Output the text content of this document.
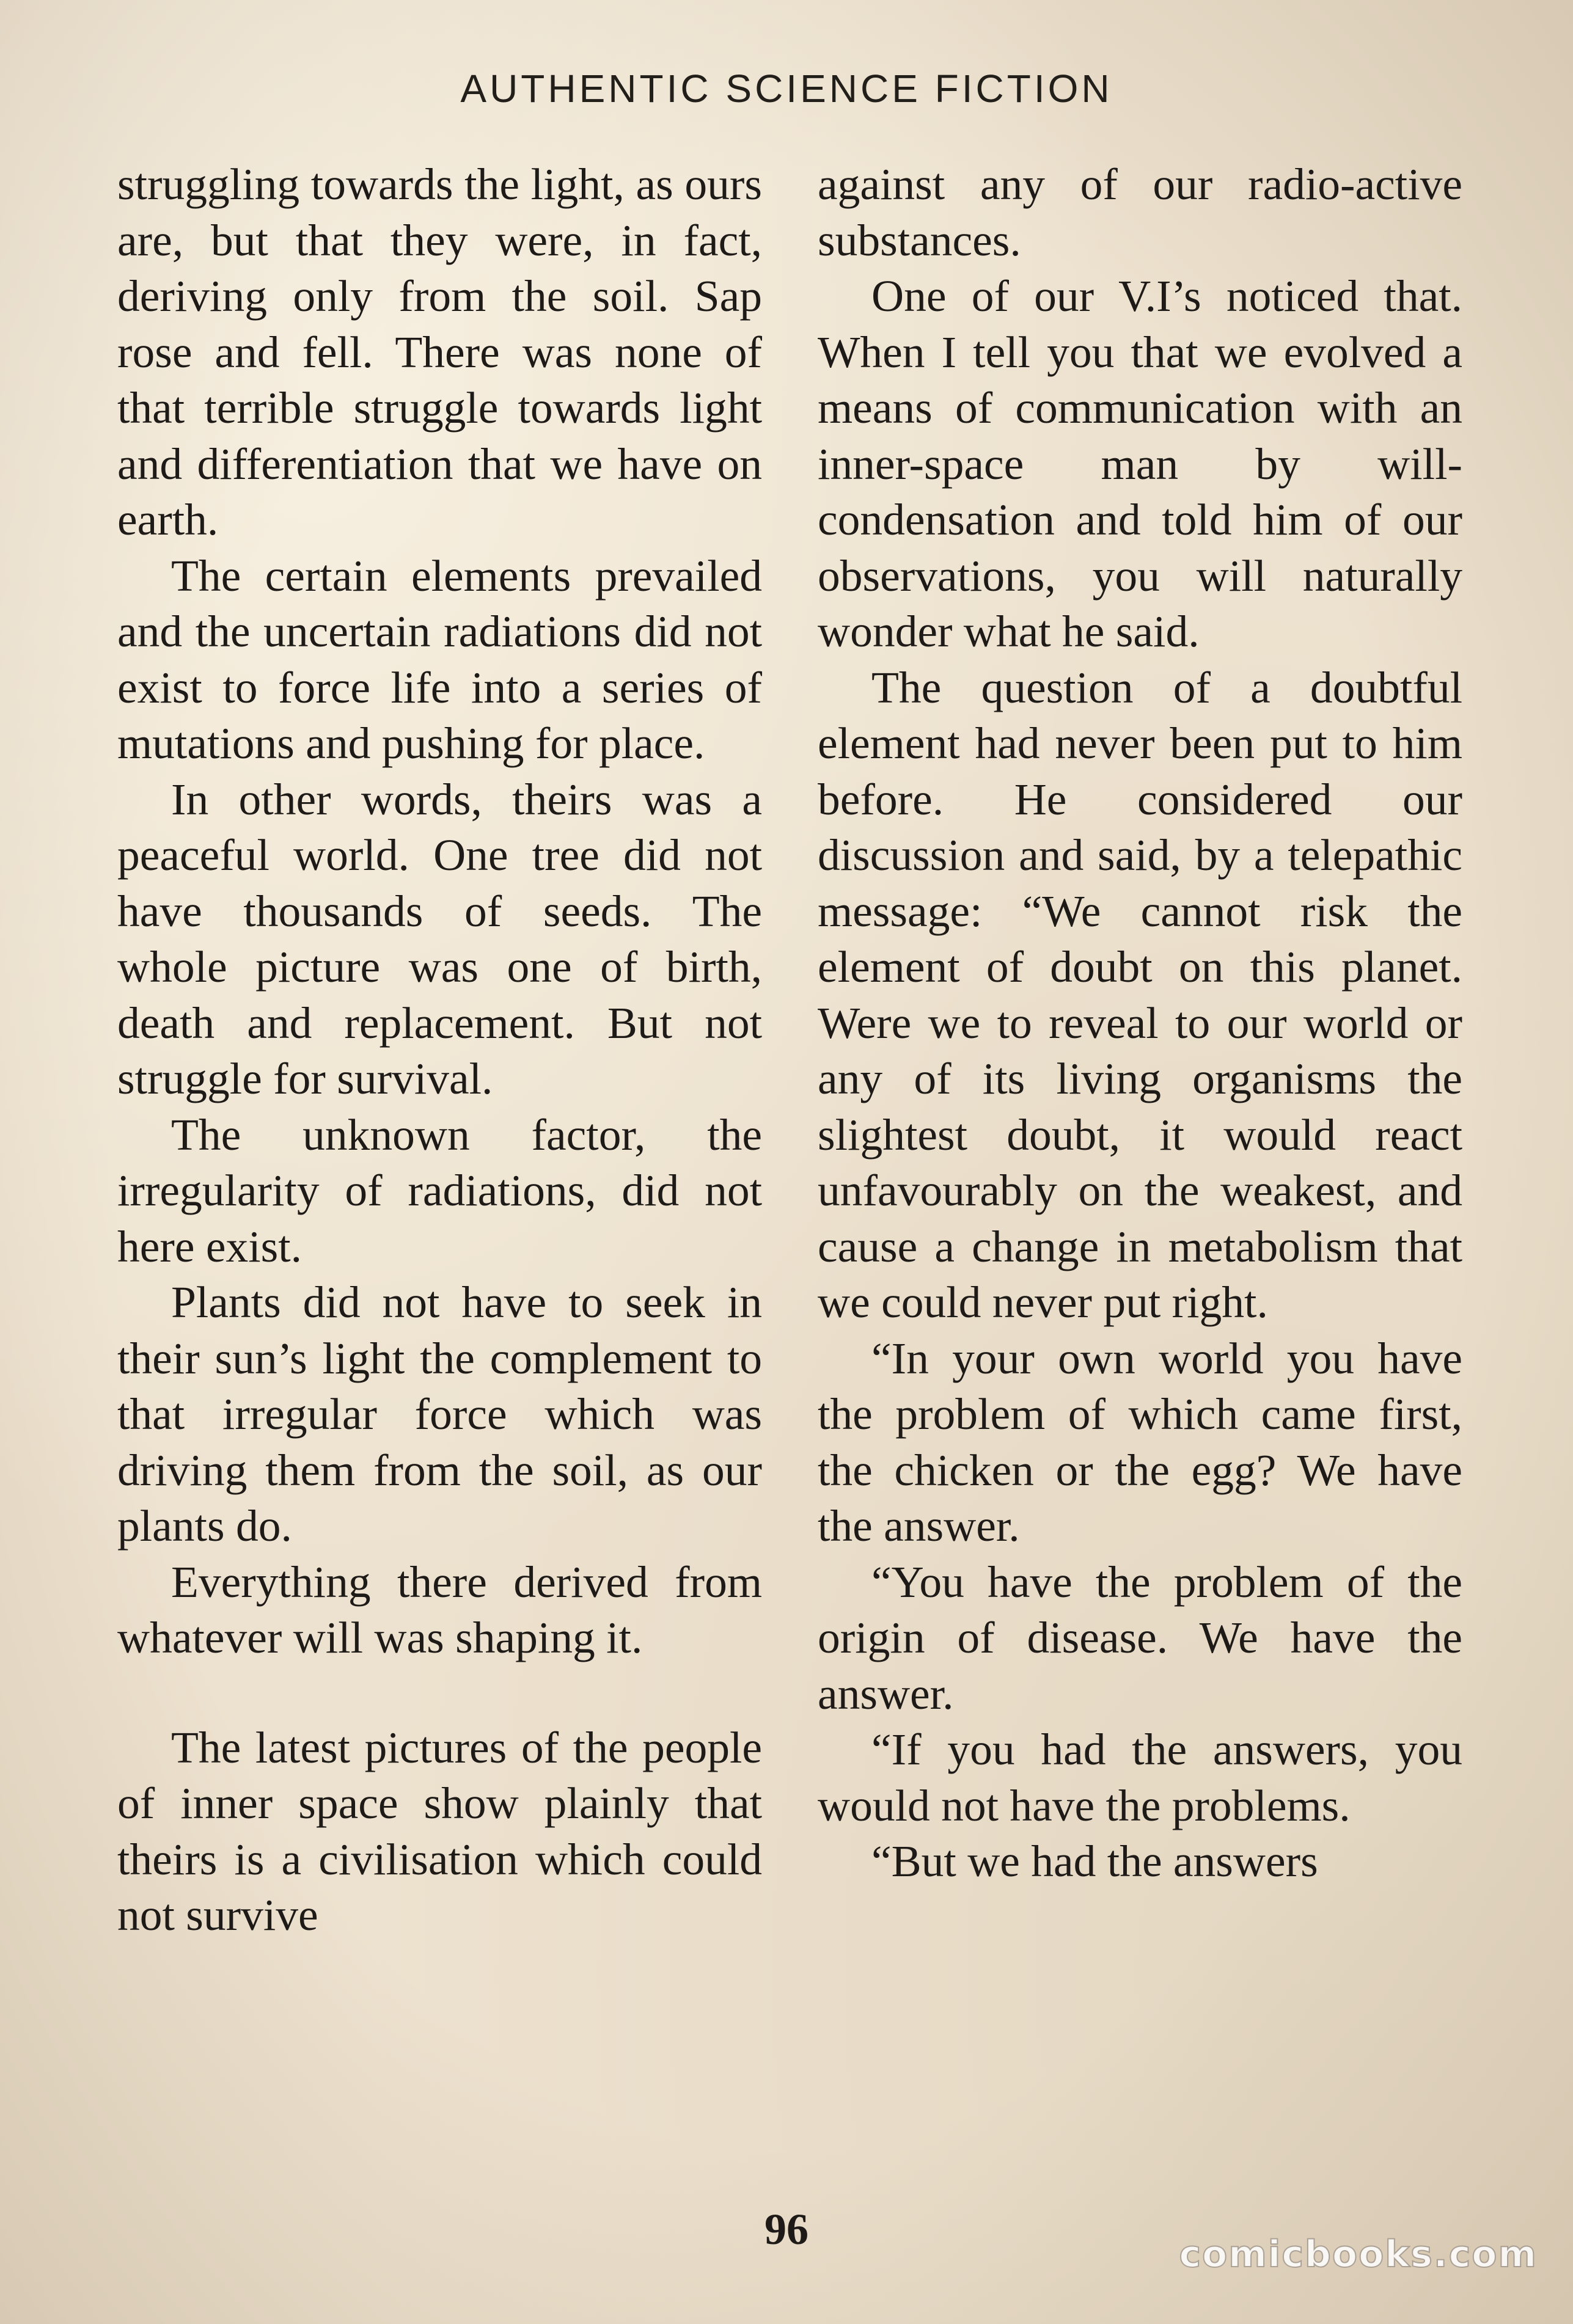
AUTHENTIC SCIENCE FICTION

struggling towards the light, as ours are, but that they were, in fact, deriving only from the soil. Sap rose and fell. There was none of that terrible struggle towards light and differentiation that we have on earth.

The certain elements prevailed and the uncertain radiations did not exist to force life into a series of mutations and pushing for place.

In other words, theirs was a peaceful world. One tree did not have thousands of seeds. The whole picture was one of birth, death and replacement. But not struggle for survival.

The unknown factor, the irregularity of radiations, did not here exist.

Plants did not have to seek in their sun’s light the complement to that irregular force which was driving them from the soil, as our plants do.

Everything there derived from whatever will was shaping it.

The latest pictures of the people of inner space show plainly that theirs is a civilisation which could not survive

against any of our radio-active substances.

One of our V.I’s noticed that. When I tell you that we evolved a means of communication with an inner-space man by will-condensation and told him of our observations, you will naturally wonder what he said.

The question of a doubtful element had never been put to him before. He considered our discussion and said, by a telepathic message: “We cannot risk the element of doubt on this planet. Were we to reveal to our world or any of its living organisms the slightest doubt, it would react unfavourably on the weakest, and cause a change in metabolism that we could never put right.

“In your own world you have the problem of which came first, the chicken or the egg? We have the answer.

“You have the problem of the origin of disease. We have the answer.

“If you had the answers, you would not have the problems.

“But we had the answers

96
comicbooks.com
